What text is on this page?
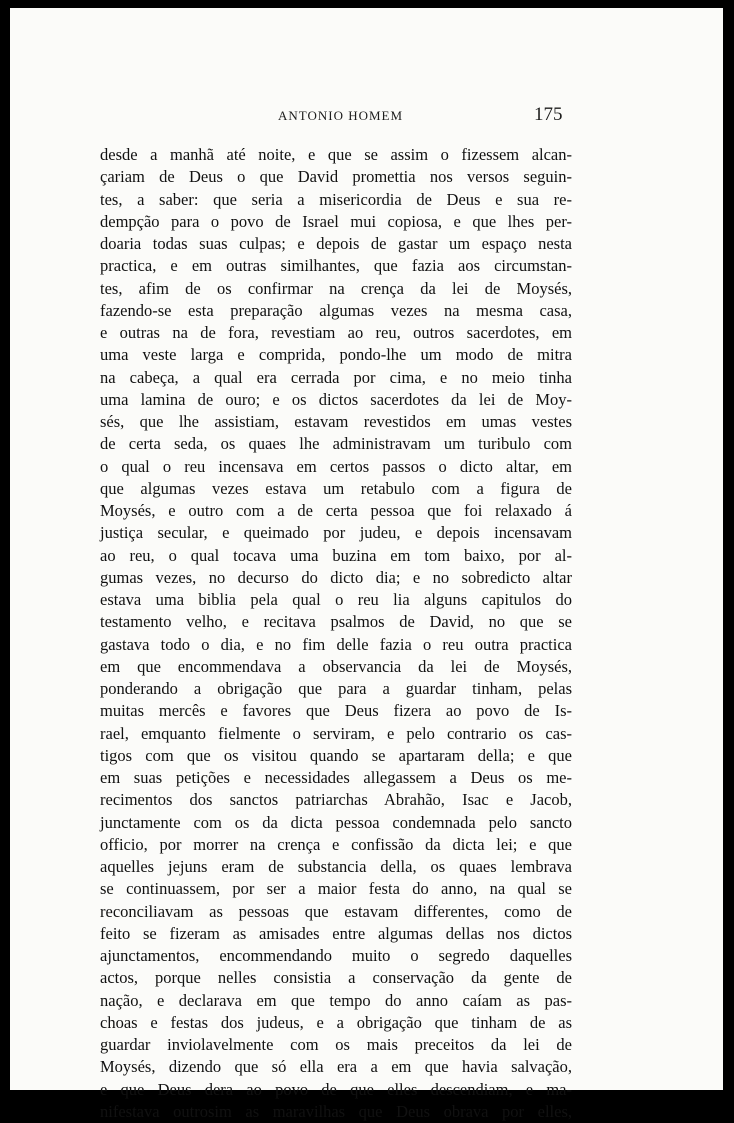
ANTONIO HOMEM	175
desde a manhã até noite, e que se assim o fizessem alcan-
çariam de Deus o que David promettia nos versos seguin-
tes, a saber: que seria a misericordia de Deus e sua re-
dempção para o povo de Israel mui copiosa, e que lhes per-
doaria todas suas culpas; e depois de gastar um espaço nesta
practica, e em outras similhantes, que fazia aos circumstan-
tes, afim de os confirmar na crença da lei de Moysés,
fazendo-se esta preparação algumas vezes na mesma casa,
e outras na de fora, revestiam ao reu, outros sacerdotes, em
uma veste larga e comprida, pondo-lhe um modo de mitra
na cabeça, a qual era cerrada por cima, e no meio tinha
uma lamina de ouro; e os dictos sacerdotes da lei de Moy-
sés, que lhe assistiam, estavam revestidos em umas vestes
de certa seda, os quaes lhe administravam um turibulo com
o qual o reu incensava em certos passos o dicto altar, em
que algumas vezes estava um retabulo com a figura de
Moysés, e outro com a de certa pessoa que foi relaxado á
justiça secular, e queimado por judeu, e depois incensavam
ao reu, o qual tocava uma buzina em tom baixo, por al-
gumas vezes, no decurso do dicto dia; e no sobredicto altar
estava uma biblia pela qual o reu lia alguns capitulos do
testamento velho, e recitava psalmos de David, no que se
gastava todo o dia, e no fim delle fazia o reu outra practica
em que encommendava a observancia da lei de Moysés,
ponderando a obrigação que para a guardar tinham, pelas
muitas mercês e favores que Deus fizera ao povo de Is-
rael, emquanto fielmente o serviram, e pelo contrario os cas-
tigos com que os visitou quando se apartaram della; e que
em suas petições e necessidades allegassem a Deus os me-
recimentos dos sanctos patriarchas Abrahão, Isac e Jacob,
junctamente com os da dicta pessoa condemnada pelo sancto
officio, por morrer na crença e confissão da dicta lei; e que
aquelles jejuns eram de substancia della, os quaes lembrava
se continuassem, por ser a maior festa do anno, na qual se
reconciliavam as pessoas que estavam differentes, como de
feito se fizeram as amisades entre algumas dellas nos dictos
ajunctamentos, encommendando muito o segredo daquelles
actos, porque nelles consistia a conservação da gente de
nação, e declarava em que tempo do anno caíam as pas-
choas e festas dos judeus, e a obrigação que tinham de as
guardar inviolavelmente com os mais preceitos da lei de
Moysés, dizendo que só ella era a em que havia salvação,
e que Deus dera ao povo de que elles descendiam, e ma-
nifestava outrosim as maravilhas que Deus obrava por elles,
